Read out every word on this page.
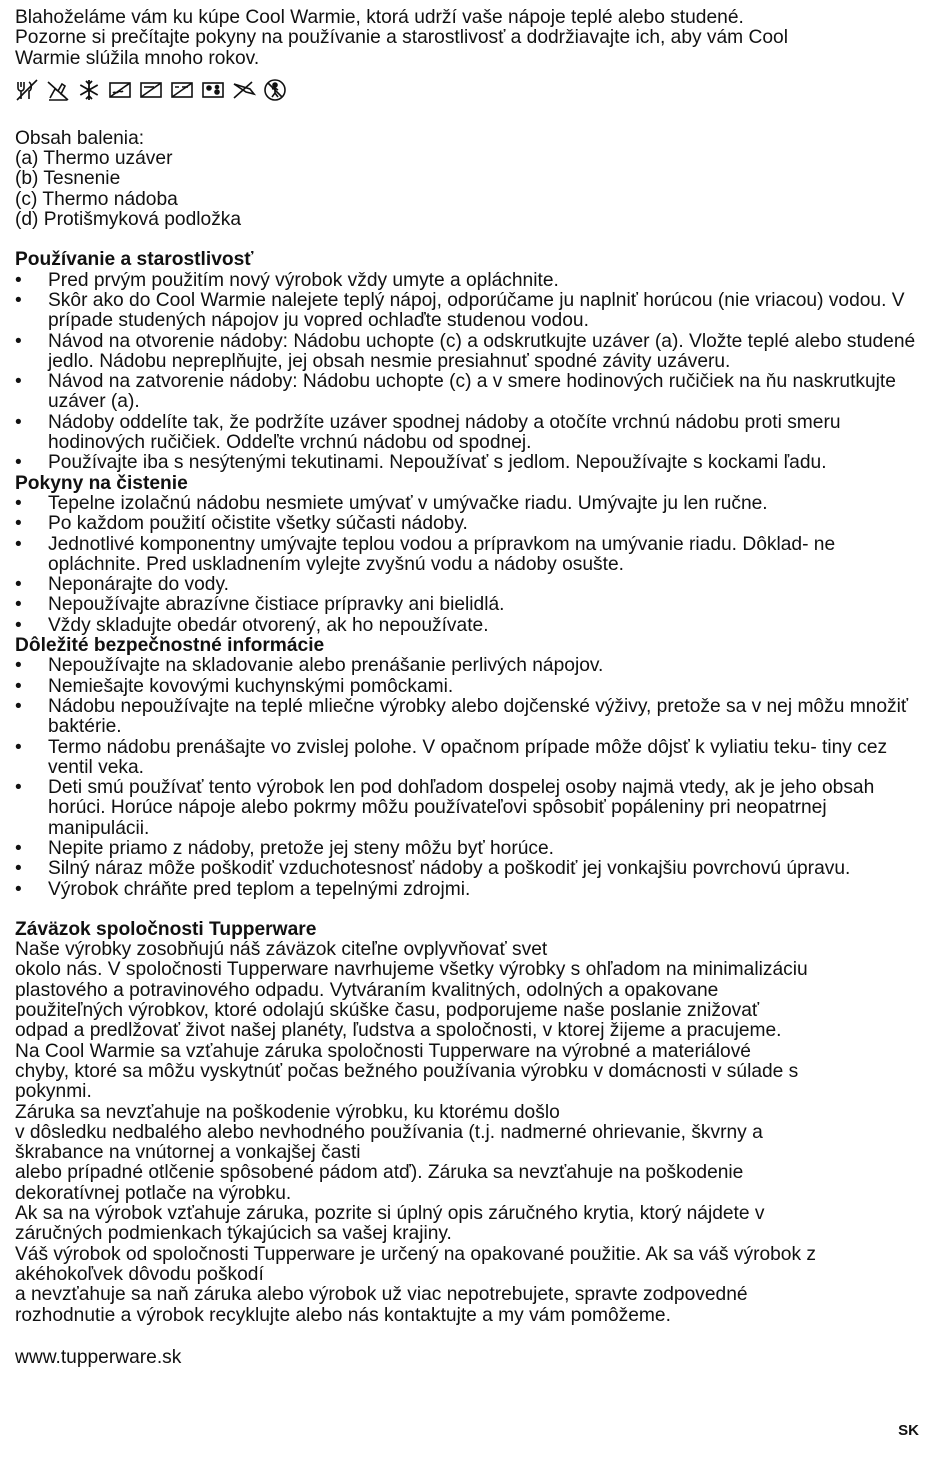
Blahoželáme vám ku kúpe Cool Warmie, ktorá udrží vaše nápoje teplé alebo studené.

Pozorne si prečítajte pokyny na používanie a starostlivosť a dodržiavajte ich, aby vám Cool

Warmie slúžila mnoho rokov.

Obsah balenia:

(a) Thermo uzáver

(b) Tesnenie

(c) Thermo nádoba

(d) Protišmyková podložka

Používanie a starostlivosť

• Pred prvým použitím nový výrobok vždy umyte a opláchnite.
• Skôr ako do Cool Warmie nalejete teplý nápoj, odporúčame ju naplniť horúcou (nie vriacou) vodou. V prípade studených nápojov ju vopred ochlaďte studenou vodou.
• Návod na otvorenie nádoby: Nádobu uchopte (c) a odskrutkujte uzáver (a). Vložte teplé alebo studené jedlo. Nádobu nepreplňujte, jej obsah nesmie presiahnuť spodné závity uzáveru.
• Návod na zatvorenie nádoby: Nádobu uchopte (c) a v smere hodinových ručičiek na ňu naskrutkujte uzáver (a).
• Nádoby oddelíte tak, že podržíte uzáver spodnej nádoby a otočíte vrchnú nádobu proti smeru hodinových ručičiek. Oddeľte vrchnú nádobu od spodnej.
• Používajte iba s nesýtenými tekutinami. Nepoužívať s jedlom. Nepoužívajte s kockami ľadu.

Pokyny na čistenie

• Tepelne izolačnú nádobu nesmiete umývať v umývačke riadu. Umývajte ju len ručne.
• Po každom použití očistite všetky súčasti nádoby.
• Jednotlivé komponentny umývajte teplou vodou a prípravkom na umývanie riadu. Dôklad- ne opláchnite. Pred uskladnením vylejte zvyšnú vodu a nádoby osušte.
• Neponárajte do vody.
• Nepoužívajte abrazívne čistiace prípravky ani bielidlá.
• Vždy skladujte obedár otvorený, ak ho nepoužívate.

Dôležité bezpečnostné informácie

• Nepoužívajte na skladovanie alebo prenášanie perlivých nápojov.
• Nemiešajte kovovými kuchynskými pomôckami.
• Nádobu nepoužívajte na teplé mliečne výrobky alebo dojčenské výživy, pretože sa v nej môžu množiť baktérie.
• Termo nádobu prenášajte vo zvislej polohe. V opačnom prípade môže dôjsť k vyliatiu teku- tiny cez ventil veka.
• Deti smú používať tento výrobok len pod dohľadom dospelej osoby najmä vtedy, ak je jeho obsah horúci. Horúce nápoje alebo pokrmy môžu používateľovi spôsobiť popáleniny pri neopatrnej manipulácii.
• Nepite priamo z nádoby, pretože jej steny môžu byť horúce.
• Silný náraz môže poškodiť vzduchotesnosť nádoby a poškodiť jej vonkajšiu povrchovú úpravu.
• Výrobok chráňte pred teplom a tepelnými zdrojmi.

Záväzok spoločnosti Tupperware

Naše výrobky zosobňujú náš záväzok citeľne ovplyvňovať svet

okolo nás. V spoločnosti Tupperware navrhujeme všetky výrobky s ohľadom na minimalizáciu

plastového a potravinového odpadu. Vytváraním kvalitných, odolných a opakovane

použiteľných výrobkov, ktoré odolajú skúške času, podporujeme naše poslanie znižovať

odpad a predlžovať život našej planéty, ľudstva a spoločnosti, v ktorej žijeme a pracujeme.

Na Cool Warmie sa vzťahuje záruka spoločnosti Tupperware na výrobné a materiálové

chyby, ktoré sa môžu vyskytnúť počas bežného používania výrobku v domácnosti v súlade s

pokynmi.

Záruka sa nevzťahuje na poškodenie výrobku, ku ktorému došlo

v dôsledku nedbalého alebo nevhodného používania (t.j. nadmerné ohrievanie, škvrny a

škrabance na vnútornej a vonkajšej časti

alebo prípadné otlčenie spôsobené pádom atď). Záruka sa nevzťahuje na poškodenie

dekoratívnej potlače na výrobku.

Ak sa na výrobok vzťahuje záruka, pozrite si úplný opis záručného krytia, ktorý nájdete v

záručných podmienkach týkajúcich sa vašej krajiny.

Váš výrobok od spoločnosti Tupperware je určený na opakované použitie. Ak sa váš výrobok z

akéhokoľvek dôvodu poškodí

a nevzťahuje sa naň záruka alebo výrobok už viac nepotrebujete, spravte zodpovedné

rozhodnutie a výrobok recyklujte alebo nás kontaktujte a my vám pomôžeme.

www.tupperware.sk

SK
